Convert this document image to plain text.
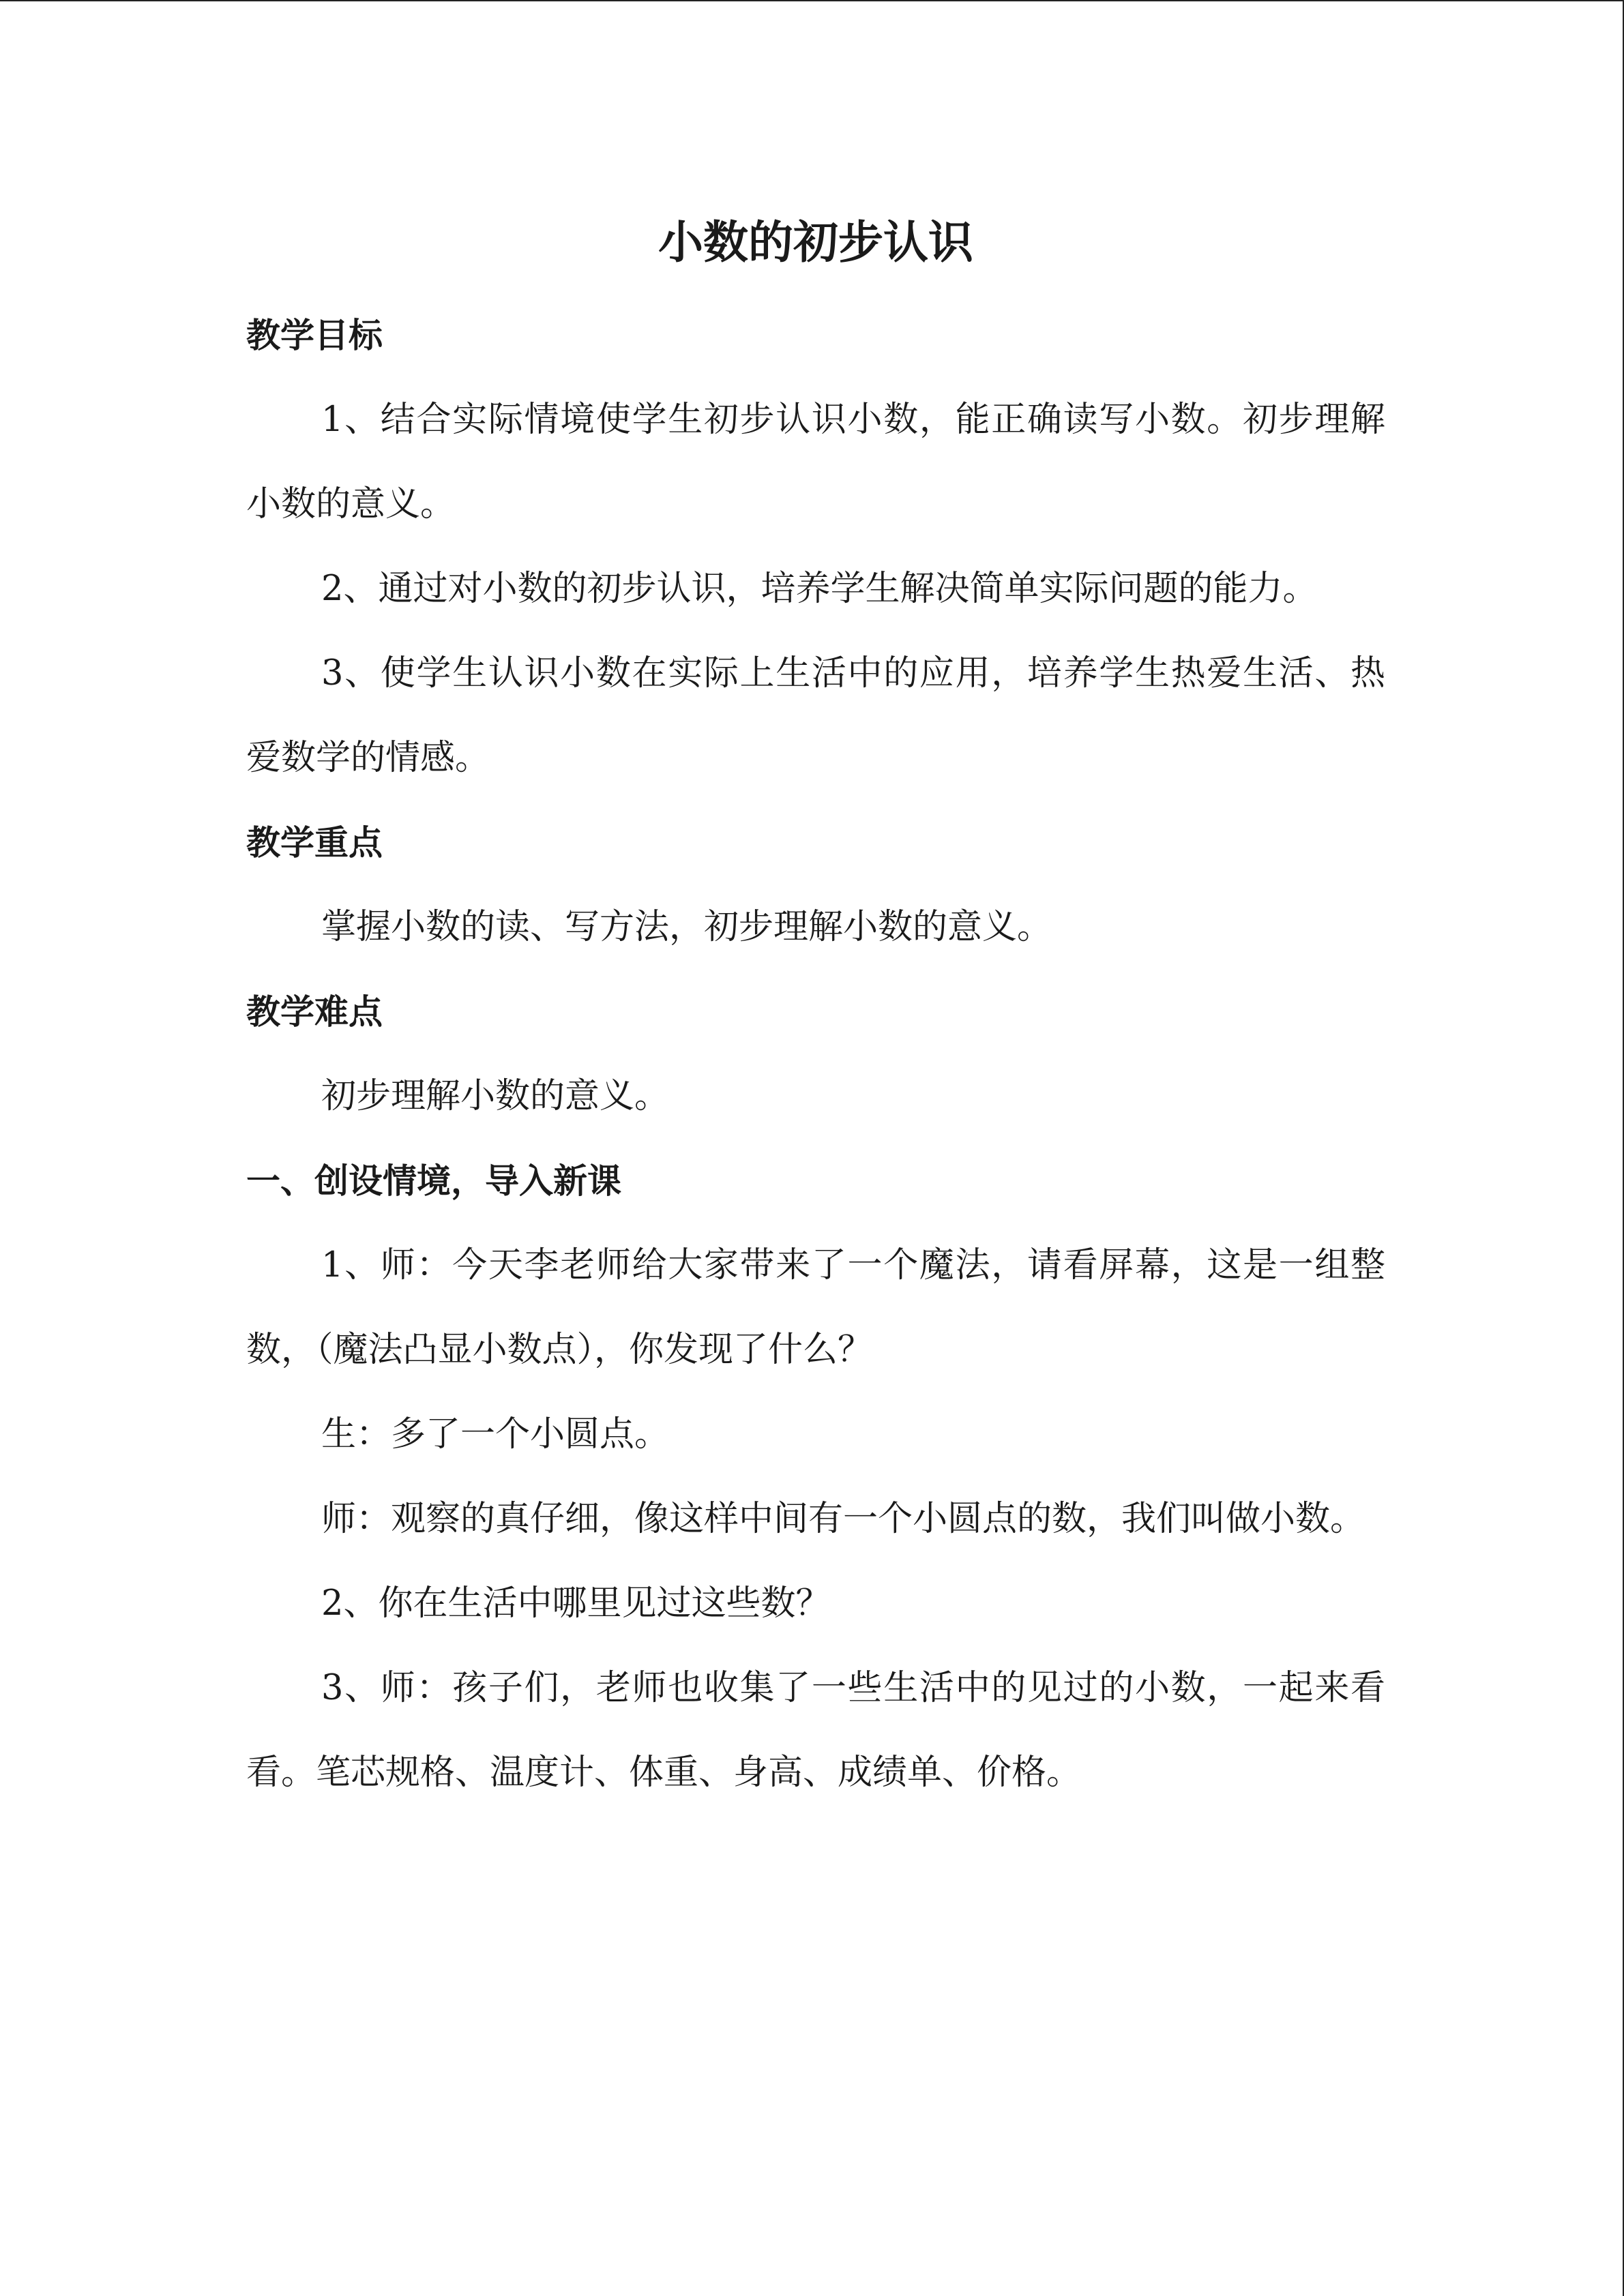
小数的初步认识
教学目标

1、结合实际情境使学生初步认识小数，能正确读写小数。初步理解小数的意义。

2、通过对小数的初步认识，培养学生解决简单实际问题的能力。

3、使学生认识小数在实际上生活中的应用，培养学生热爱生活、热爱数学的情感。

教学重点

掌握小数的读、写方法，初步理解小数的意义。

教学难点

初步理解小数的意义。

一、创设情境，导入新课

1、师：今天李老师给大家带来了一个魔法，请看屏幕，这是一组整数，（魔法凸显小数点），你发现了什么？

生：多了一个小圆点。

师：观察的真仔细，像这样中间有一个小圆点的数，我们叫做小数。

2、你在生活中哪里见过这些数？

3、师：孩子们，老师也收集了一些生活中的见过的小数，一起来看看。笔芯规格、温度计、体重、身高、成绩单、价格。
